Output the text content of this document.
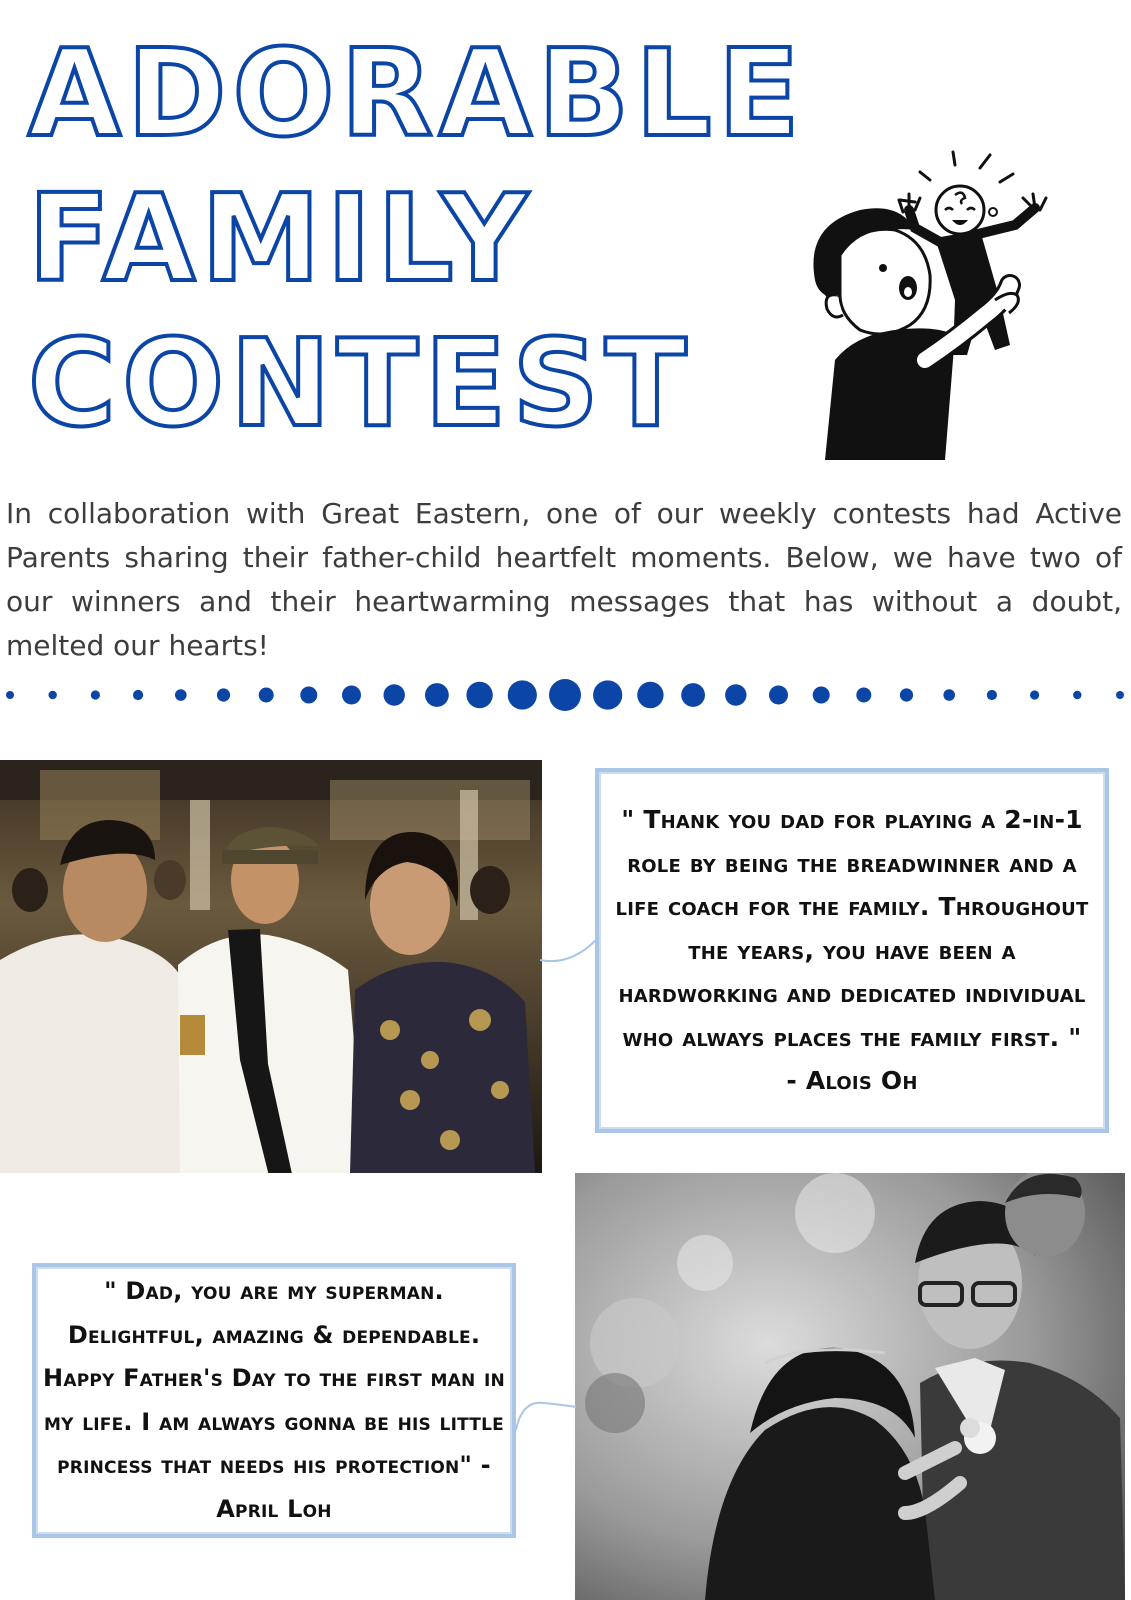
ADORABLE
FAMILY
CONTEST

In collaboration with Great Eastern, one of our weekly contests had Active Parents sharing their father-child heartfelt moments. Below, we have two of our winners and their heartwarming messages that has without a doubt, melted our hearts!

" Thank you dad for playing a 2-in-1 role by being the breadwinner and a life coach for the family. Throughout the years, you have been a hardworking and dedicated individual who always places the family first. " - Alois Oh

" Dad, you are my superman. Delightful, amazing & dependable. Happy Father's Day to the first man in my life. I am always gonna be his little princess that needs his protection" - April Loh
